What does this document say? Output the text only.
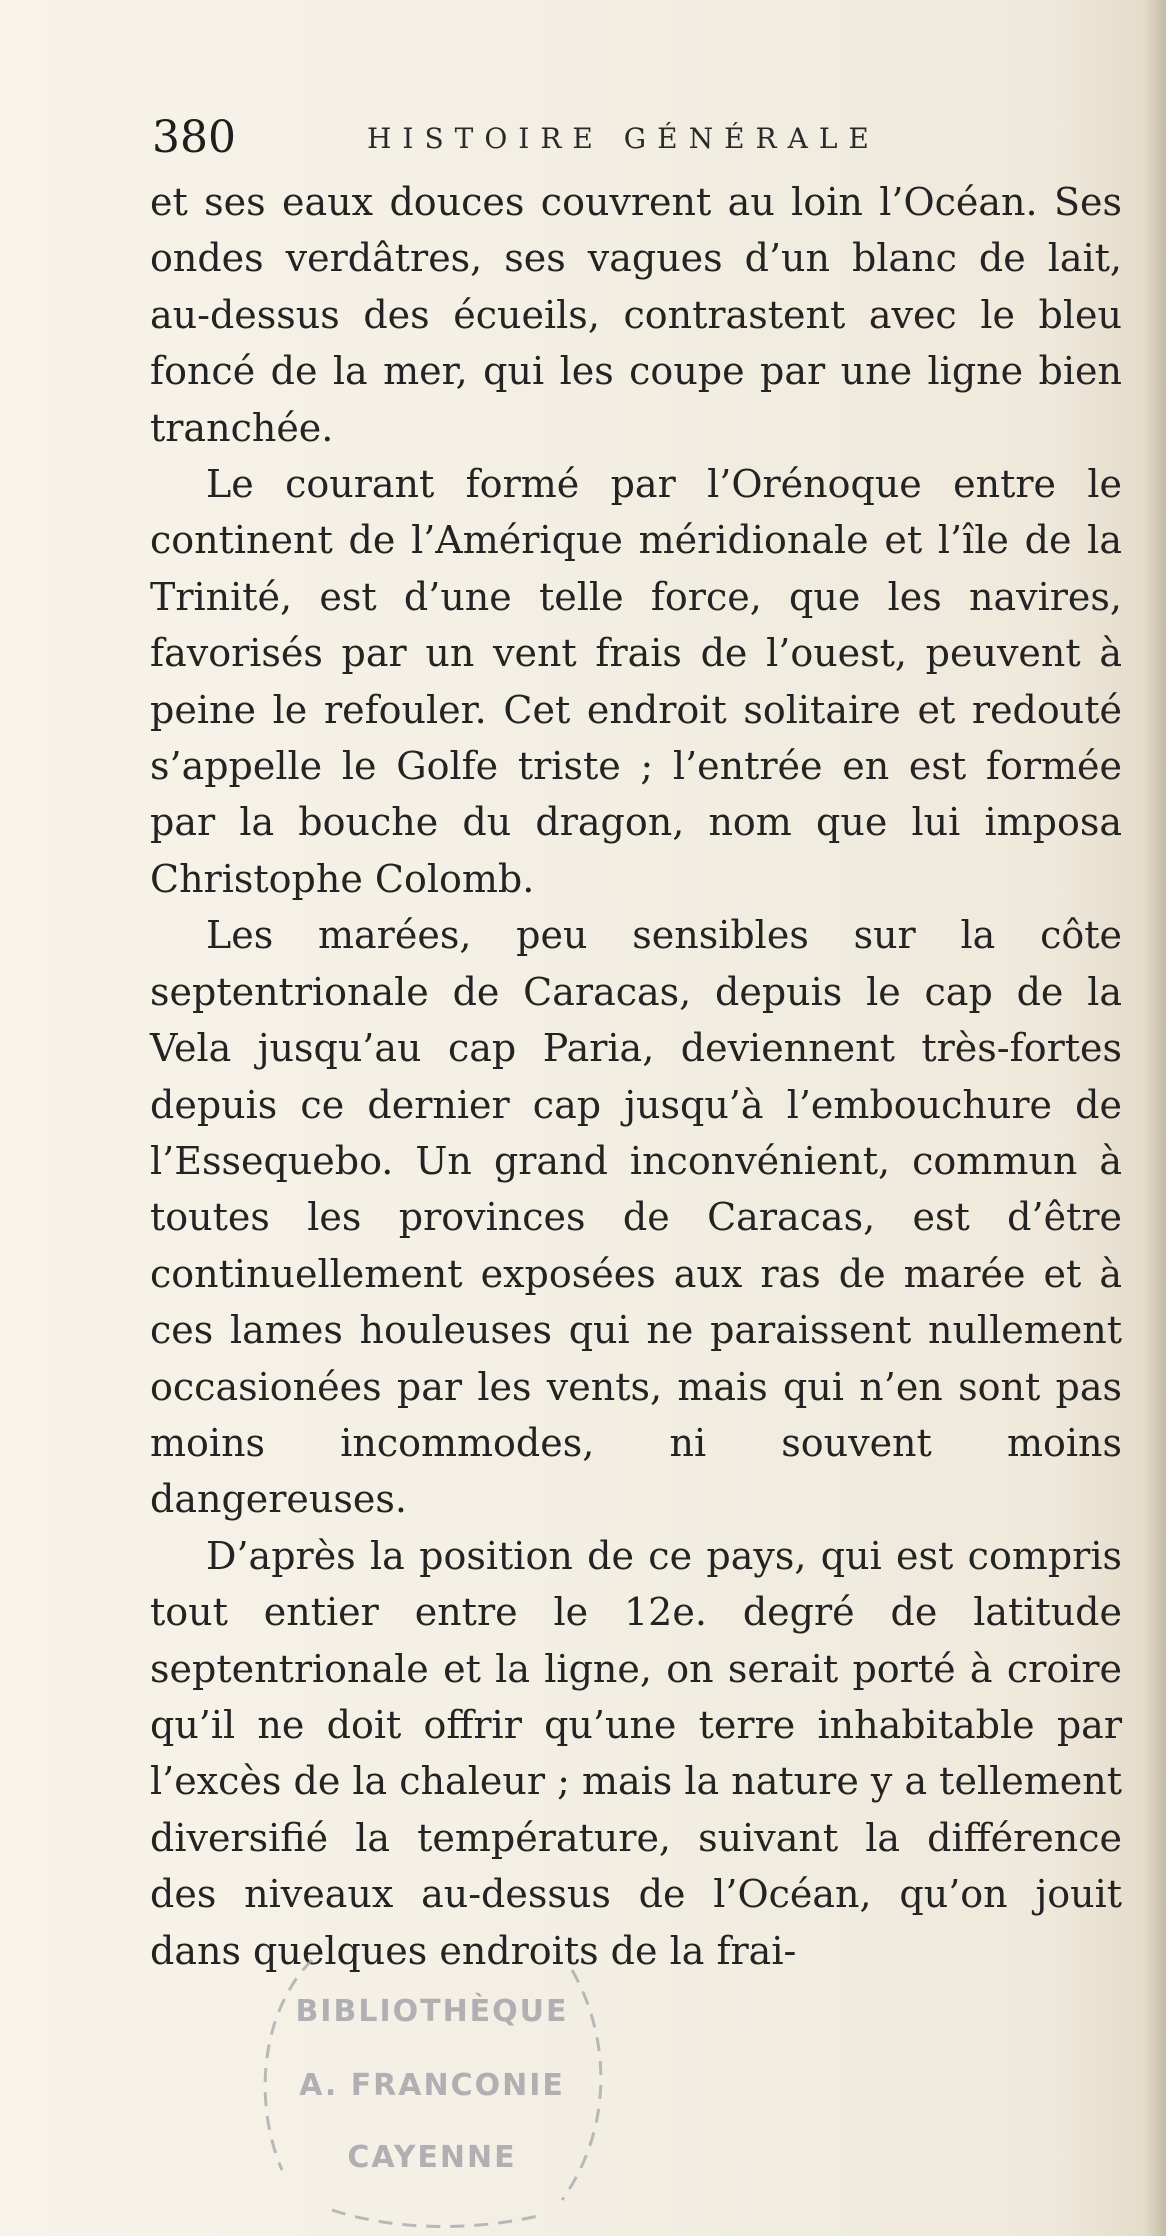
380	HISTOIRE GÉNÉRALE

et ses eaux douces couvrent au loin l’Océan. Ses ondes verdâtres, ses vagues d’un blanc de lait, au-dessus des écueils, contrastent avec le bleu foncé de la mer, qui les coupe par une ligne bien tranchée.

Le courant formé par l’Orénoque entre le continent de l’Amérique méridionale et l’île de la Trinité, est d’une telle force, que les navires, favorisés par un vent frais de l’ouest, peuvent à peine le refouler. Cet endroit solitaire et redouté s’appelle le Golfe triste ; l’entrée en est formée par la bouche du dragon, nom que lui imposa Christophe Colomb.

Les marées, peu sensibles sur la côte septentrionale de Caracas, depuis le cap de la Vela jusqu’au cap Paria, deviennent très-fortes depuis ce dernier cap jusqu’à l’embouchure de l’Essequebo. Un grand inconvénient, commun à toutes les provinces de Caracas, est d’être continuellement exposées aux ras de marée et à ces lames houleuses qui ne paraissent nullement occasionées par les vents, mais qui n’en sont pas moins incommodes, ni souvent moins dangereuses.

D’après la position de ce pays, qui est compris tout entier entre le 12e. degré de latitude septentrionale et la ligne, on serait porté à croire qu’il ne doit offrir qu’une terre inhabitable par l’excès de la chaleur ; mais la nature y a tellement diversifié la température, suivant la différence des niveaux au-dessus de l’Océan, qu’on jouit dans quelques endroits de la frai-

BIBLIOTHÈQUE
A. FRANCONIE
CAYENNE
